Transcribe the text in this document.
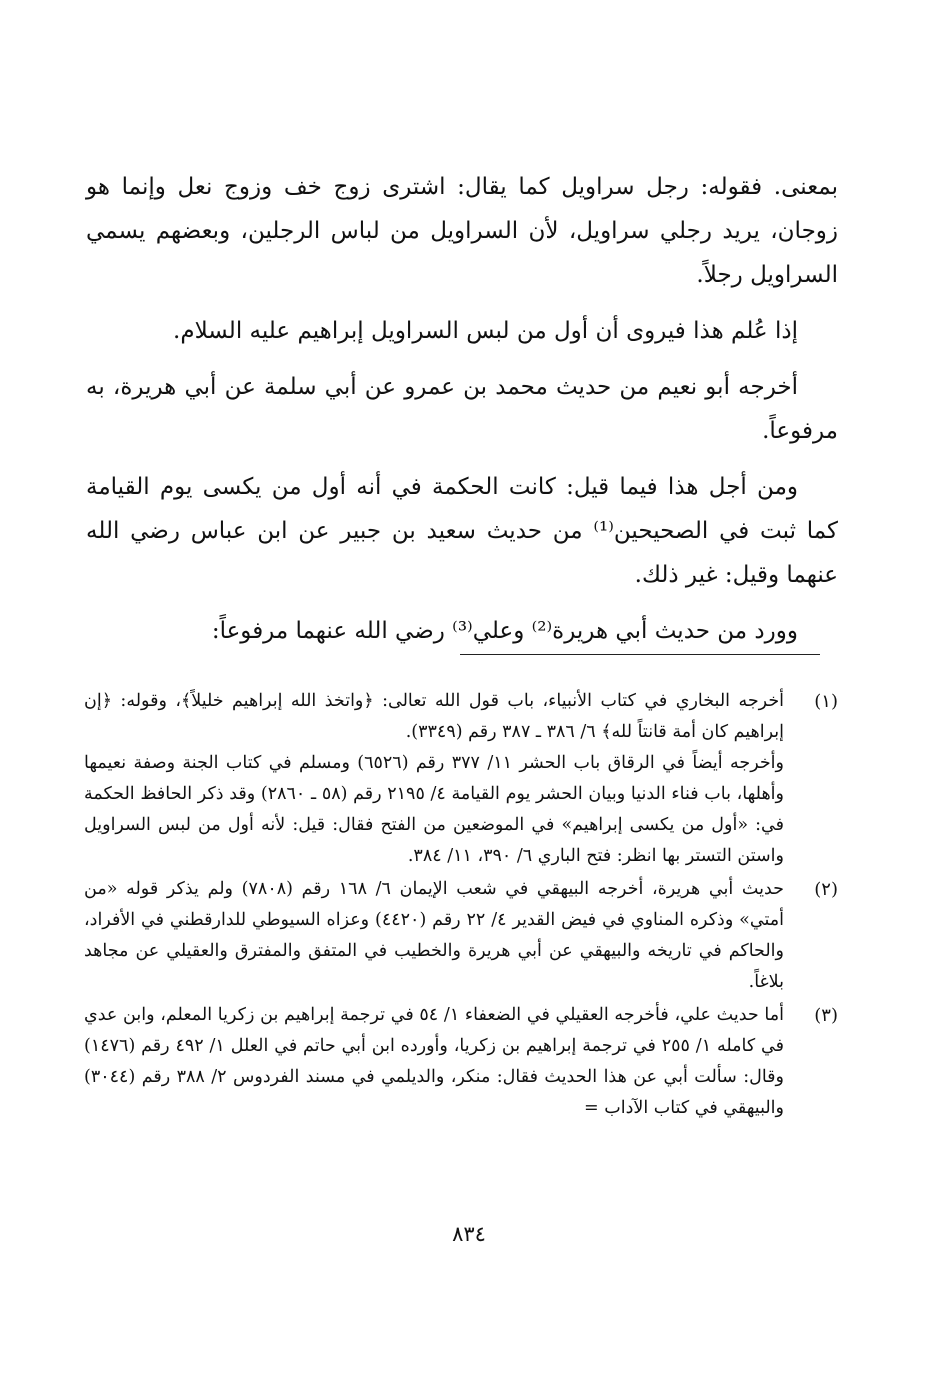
بمعنى. فقوله: رجل سراويل كما يقال: اشترى زوج خف وزوج نعل وإنما هو زوجان، يريد رجلي سراويل، لأن السراويل من لباس الرجلين، وبعضهم يسمي السراويل رجلاً.

إذا عُلم هذا فيروى أن أول من لبس السراويل إبراهيم عليه السلام.

أخرجه أبو نعيم من حديث محمد بن عمرو عن أبي سلمة عن أبي هريرة، به مرفوعاً.

ومن أجل هذا فيما قيل: كانت الحكمة في أنه أول من يكسى يوم القيامة كما ثبت في الصحيحين⁽¹⁾ من حديث سعيد بن جبير عن ابن عباس رضي الله عنهما وقيل: غير ذلك.

وورد من حديث أبي هريرة⁽²⁾ وعلي⁽³⁾ رضي الله عنهما مرفوعاً:

(١)

أخرجه البخاري في كتاب الأنبياء، باب قول الله تعالى: ﴿واتخذ الله إبراهيم خليلاً﴾، وقوله: ﴿إن إبراهيم كان أمة قانتاً لله﴾ ٦/ ٣٨٦ ـ ٣٨٧ رقم (٣٣٤٩).

وأخرجه أيضاً في الرقاق باب الحشر ١١/ ٣٧٧ رقم (٦٥٢٦) ومسلم في كتاب الجنة وصفة نعيمها وأهلها، باب فناء الدنيا وبيان الحشر يوم القيامة ٤/ ٢١٩٥ رقم (٥٨ ـ ٢٨٦٠) وقد ذكر الحافظ الحكمة في: «أول من يكسى إبراهيم» في الموضعين من الفتح فقال: قيل: لأنه أول من لبس السراويل واستن التستر بها انظر: فتح الباري ٦/ ٣٩٠، ١١/ ٣٨٤.

(٢)

حديث أبي هريرة، أخرجه البيهقي في شعب الإيمان ٦/ ١٦٨ رقم (٧٨٠٨) ولم يذكر قوله «من أمتي» وذكره المناوي في فيض القدير ٤/ ٢٢ رقم (٤٤٢٠) وعزاه السيوطي للدارقطني في الأفراد، والحاكم في تاريخه والبيهقي عن أبي هريرة والخطيب في المتفق والمفترق والعقيلي عن مجاهد بلاغاً.

(٣)

أما حديث علي، فأخرجه العقيلي في الضعفاء ١/ ٥٤ في ترجمة إبراهيم بن زكريا المعلم، وابن عدي في كامله ١/ ٢٥٥ في ترجمة إبراهيم بن زكريا، وأورده ابن أبي حاتم في العلل ١/ ٤٩٢ رقم (١٤٧٦) وقال: سألت أبي عن هذا الحديث فقال: منكر، والديلمي في مسند الفردوس ٢/ ٣٨٨ رقم (٣٠٤٤) والبيهقي في كتاب الآداب =

٨٣٤
